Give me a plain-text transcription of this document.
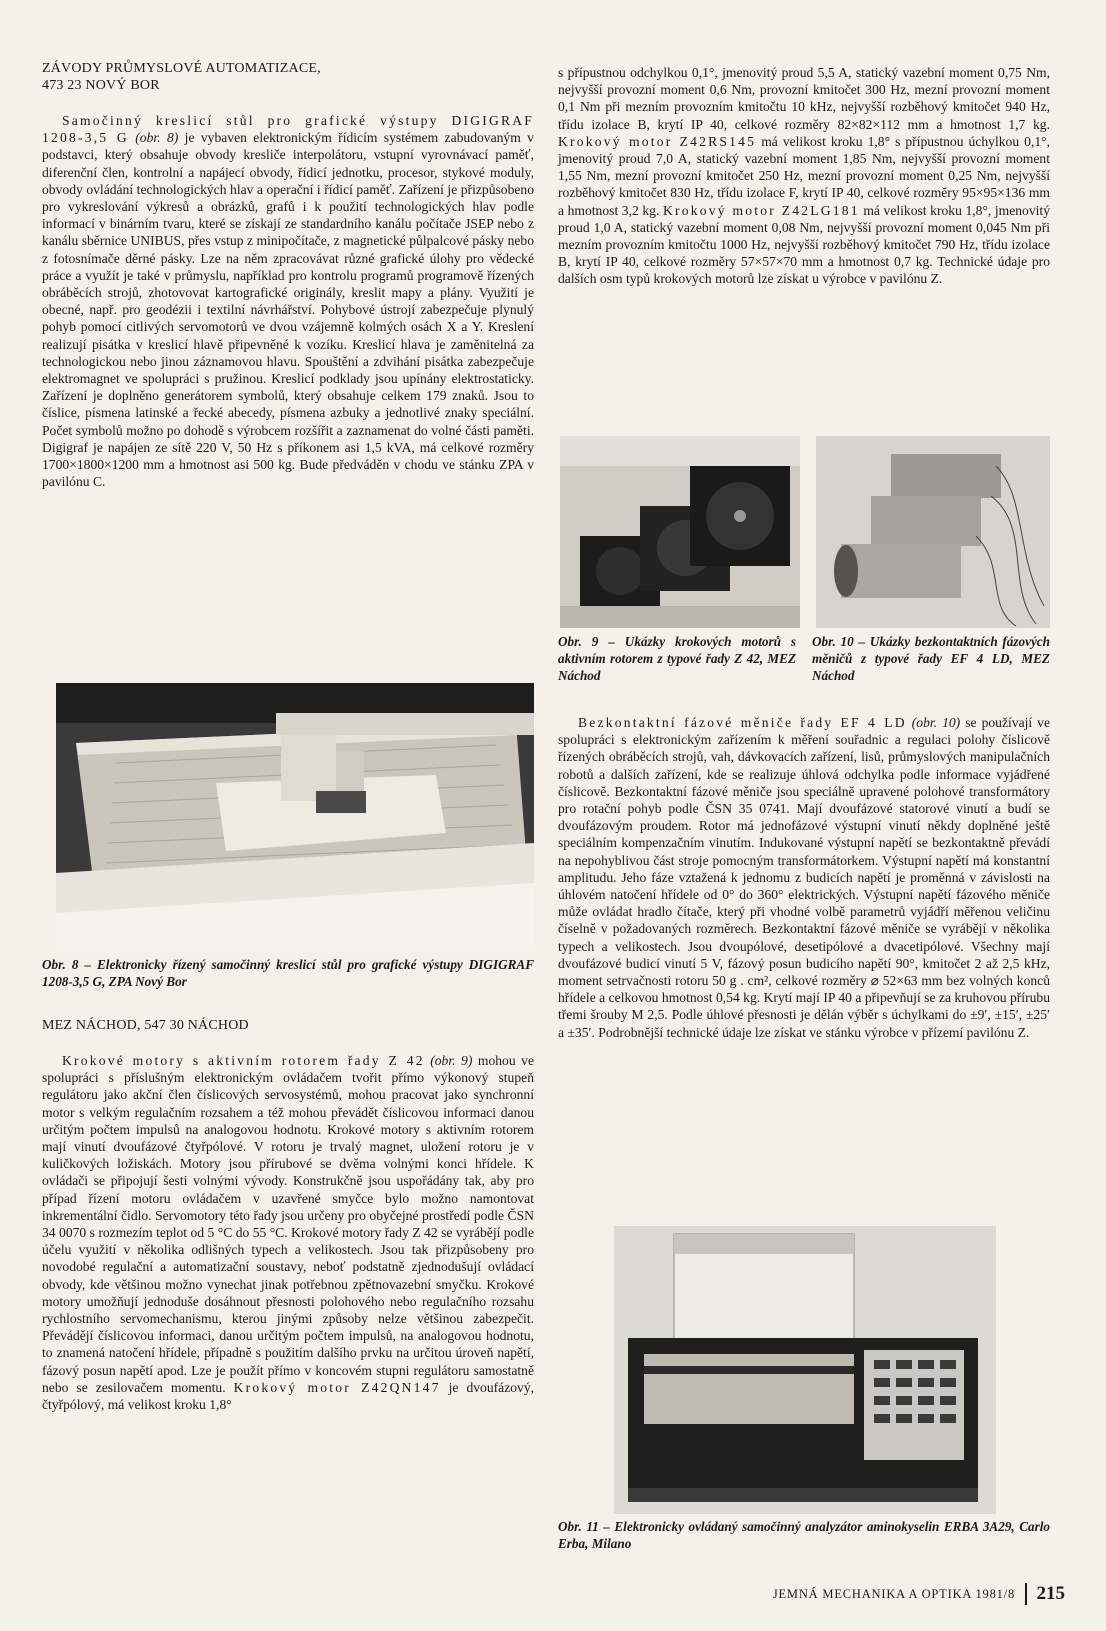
ZÁVODY PRŮMYSLOVÉ AUTOMATIZACE,

473 23 NOVÝ BOR

Samočinný kreslicí stůl pro grafické výstupy DIGIGRAF 1208-3,5 G (obr. 8) je vybaven elektronickým řídicím systémem zabudovaným v podstavci, který obsahuje obvody kresliče interpolátoru, vstupní vyrovnávací paměť, diferenční člen, kontrolní a napájecí obvody, řídicí jednotku, procesor, stykové moduly, obvody ovládání technologických hlav a operační i řídicí paměť. Zařízení je přizpůsobeno pro vykreslování výkresů a obrázků, grafů i k použití technologických hlav podle informací v binárním tvaru, které se získají ze standardního kanálu počítače JSEP nebo z kanálu sběrnice UNIBUS, přes vstup z minipočítače, z magnetické půlpalcové pásky nebo z fotosnímače děrné pásky. Lze na něm zpracovávat různé grafické úlohy pro vědecké práce a využít je také v průmyslu, například pro kontrolu programů programově řízených obráběcích strojů, zhotovovat kartografické originály, kreslit mapy a plány. Využití je obecné, např. pro geodézii i textilní návrhářství. Pohybové ústrojí zabezpečuje plynulý pohyb pomocí citlivých servomotorů ve dvou vzájemně kolmých osách X a Y. Kreslení realizují pisátka v kreslicí hlavě připevněné k vozíku. Kreslicí hlava je zaměnitelná za technologickou nebo jinou záznamovou hlavu. Spouštění a zdvihání pisátka zabezpečuje elektromagnet ve spolupráci s pružinou. Kreslicí podklady jsou upínány elektrostaticky. Zařízení je doplněno generátorem symbolů, který obsahuje celkem 179 znaků. Jsou to číslice, písmena latinské a řecké abecedy, písmena azbuky a jednotlivé znaky speciální. Počet symbolů možno po dohodě s výrobcem rozšířit a zaznamenat do volné části paměti. Digigraf je napájen ze sítě 220 V, 50 Hz s příkonem asi 1,5 kVA, má celkové rozměry 1700×1800×1200 mm a hmotnost asi 500 kg. Bude předváděn v chodu ve stánku ZPA v pavilónu C.

Obr. 8 – Elektronicky řízený samočinný kreslicí stůl pro grafické výstupy DIGIGRAF 1208-3,5 G, ZPA Nový Bor

MEZ NÁCHOD, 547 30 NÁCHOD

Krokové motory s aktivním rotorem řady Z 42 (obr. 9) mohou ve spolupráci s příslušným elektronickým ovládačem tvořit přímo výkonový stupeň regulátoru jako akční člen číslicových servosystémů, mohou pracovat jako synchronní motor s velkým regulačním rozsahem a též mohou převádět číslicovou informaci danou určitým počtem impulsů na analogovou hodnotu. Krokové motory s aktivním rotorem mají vinutí dvoufázové čtyřpólové. V rotoru je trvalý magnet, uložení rotoru je v kuličkových ložiskách. Motory jsou přírubové se dvěma volnými konci hřídele. K ovládači se připojují šesti volnými vývody. Konstrukčně jsou uspořádány tak, aby pro případ řízení motoru ovládačem v uzavřené smyčce bylo možno namontovat inkrementální čidlo. Servomotory této řady jsou určeny pro obyčejné prostředí podle ČSN 34 0070 s rozmezím teplot od 5 °C do 55 °C. Krokové motory řady Z 42 se vyrábějí podle účelu využití v několika odlišných typech a velikostech. Jsou tak přizpůsobeny pro novodobé regulační a automatizační soustavy, neboť podstatně zjednodušují ovládací obvody, kde většinou možno vynechat jinak potřebnou zpětnovazební smyčku. Krokové motory umožňují jednoduše dosáhnout přesnosti polohového nebo regulačního rozsahu rychlostního servomechanismu, kterou jinými způsoby nelze většinou zabezpečit. Převádějí číslicovou informaci, danou určitým počtem impulsů, na analogovou hodnotu, to znamená natočení hřídele, případně s použitím dalšího prvku na určitou úroveň napětí, fázový posun napětí apod. Lze je použít přímo v koncovém stupni regulátoru samostatně nebo se zesilovačem momentu. Krokový motor Z42QN147 je dvoufázový, čtyřpólový, má velikost kroku 1,8°

s přípustnou odchylkou 0,1°, jmenovitý proud 5,5 A, statický vazební moment 0,75 Nm, nejvyšší provozní moment 0,6 Nm, provozní kmitočet 300 Hz, mezní provozní moment 0,1 Nm při mezním provozním kmitočtu 10 kHz, nejvyšší rozběhový kmitočet 940 Hz, třídu izolace B, krytí IP 40, celkové rozměry 82×82×112 mm a hmotnost 1,7 kg. Krokový motor Z42RS145 má velikost kroku 1,8° s přípustnou úchylkou 0,1°, jmenovitý proud 7,0 A, statický vazební moment 1,85 Nm, nejvyšší provozní moment 1,55 Nm, mezní provozní kmitočet 250 Hz, mezní provozní moment 0,25 Nm, nejvyšší rozběhový kmitočet 830 Hz, třídu izolace F, krytí IP 40, celkové rozměry 95×95×136 mm a hmotnost 3,2 kg. Krokový motor Z42LG181 má velikost kroku 1,8°, jmenovitý proud 1,0 A, statický vazební moment 0,08 Nm, nejvyšší provozní moment 0,045 Nm při mezním provozním kmitočtu 1000 Hz, nejvyšší rozběhový kmitočet 790 Hz, třídu izolace B, krytí IP 40, celkové rozměry 57×57×70 mm a hmotnost 0,7 kg. Technické údaje pro dalších osm typů krokových motorů lze získat u výrobce v pavilónu Z.

Obr. 9 – Ukázky krokových motorů s aktivním rotorem z typové řady Z 42, MEZ Náchod

Obr. 10 – Ukázky bezkontaktních fázových měničů z typové řady EF 4 LD, MEZ Náchod

Bezkontaktní fázové měniče řady EF 4 LD (obr. 10) se používají ve spolupráci s elektronickým zařízením k měření souřadnic a regulaci polohy číslicově řízených obráběcích strojů, vah, dávkovacích zařízení, lisů, průmyslových manipulačních robotů a dalších zařízení, kde se realizuje úhlová odchylka podle informace vyjádřené číslicově. Bezkontaktní fázové měniče jsou speciálně upravené polohové transformátory pro rotační pohyb podle ČSN 35 0741. Mají dvoufázové statorové vinutí a budí se dvoufázovým proudem. Rotor má jednofázové výstupní vinutí někdy doplněné ještě speciálním kompenzačním vinutím. Indukované výstupní napětí se bezkontaktně převádí na nepohyblivou část stroje pomocným transformátorkem. Výstupní napětí má konstantní amplitudu. Jeho fáze vztažená k jednomu z budicích napětí je proměnná v závislosti na úhlovém natočení hřídele od 0° do 360° elektrických. Výstupní napětí fázového měniče může ovládat hradlo čítače, který při vhodné volbě parametrů vyjádří měřenou veličinu číselně v požadovaných rozměrech. Bezkontaktní fázové měniče se vyrábějí v několika typech a velikostech. Jsou dvoupólové, desetipólové a dvacetipólové. Všechny mají dvoufázové budicí vinutí 5 V, fázový posun budicího napětí 90°, kmitočet 2 až 2,5 kHz, moment setrvačnosti rotoru 50 g . cm², celkové rozměry ⌀ 52×63 mm bez volných konců hřídele a celkovou hmotnost 0,54 kg. Krytí mají IP 40 a připevňují se za kruhovou přírubu třemi šrouby M 2,5. Podle úhlové přesnosti je dělán výběr s úchylkami do ±9′, ±15′, ±25′ a ±35′. Podrobnější technické údaje lze získat ve stánku výrobce v přízemí pavilónu Z.

Obr. 11 – Elektronicky ovládaný samočinný analyzátor aminokyselin ERBA 3A29, Carlo Erba, Milano

JEMNÁ MECHANIKA A OPTIKA 1981/8 215
